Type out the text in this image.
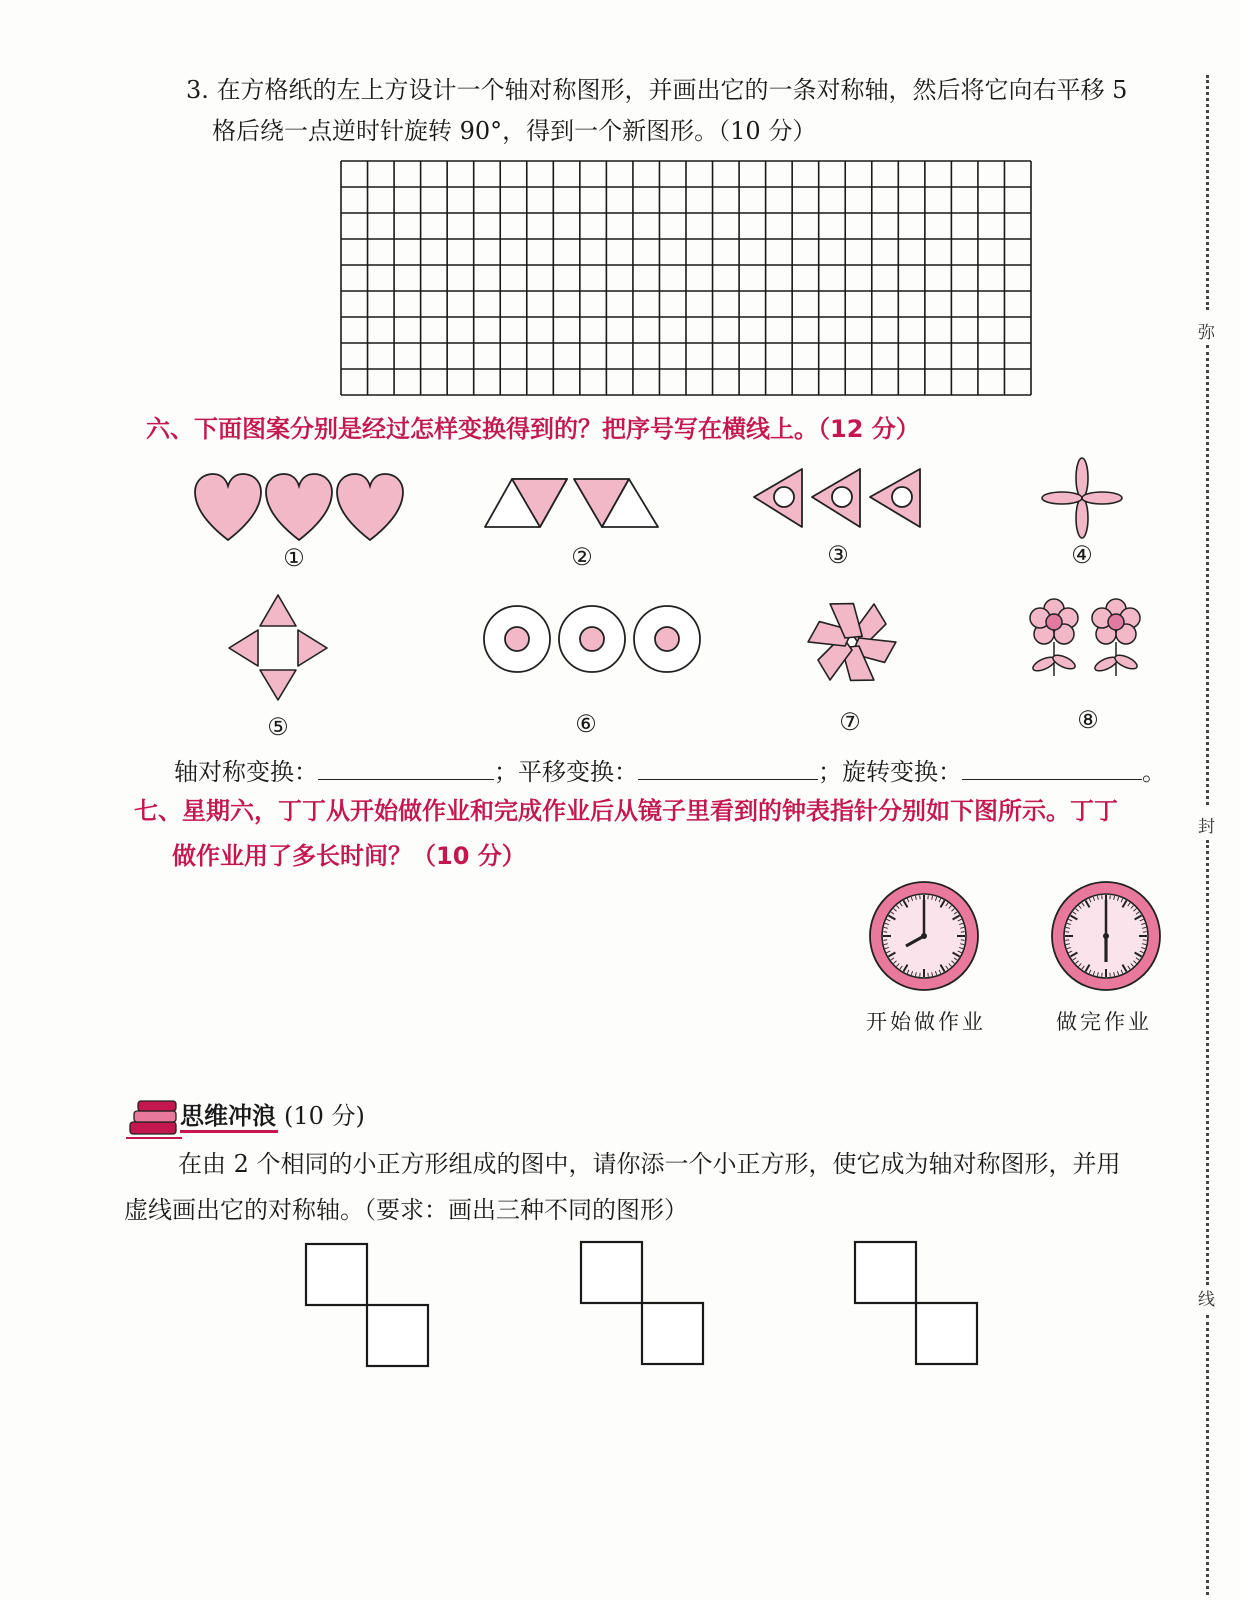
弥
封
线
3. 在方格纸的左上方设计一个轴对称图形，并画出它的一条对称轴，然后将它向右平移 5
格后绕一点逆时针旋转 90°，得到一个新图形。（10 分）
六、下面图案分别是经过怎样变换得到的？把序号写在横线上。（12 分）
①	②	③	④
⑤	⑥	⑦	⑧
轴对称变换：	；平移变换：	；旋转变换：	。
七、星期六，丁丁从开始做作业和完成作业后从镜子里看到的钟表指针分别如下图所示。丁丁
做作业用了多长时间？（10 分）
开始做作业	做完作业
思维冲浪 (10 分)
在由 2 个相同的小正方形组成的图中，请你添一个小正方形，使它成为轴对称图形，并用
虚线画出它的对称轴。（要求：画出三种不同的图形）
